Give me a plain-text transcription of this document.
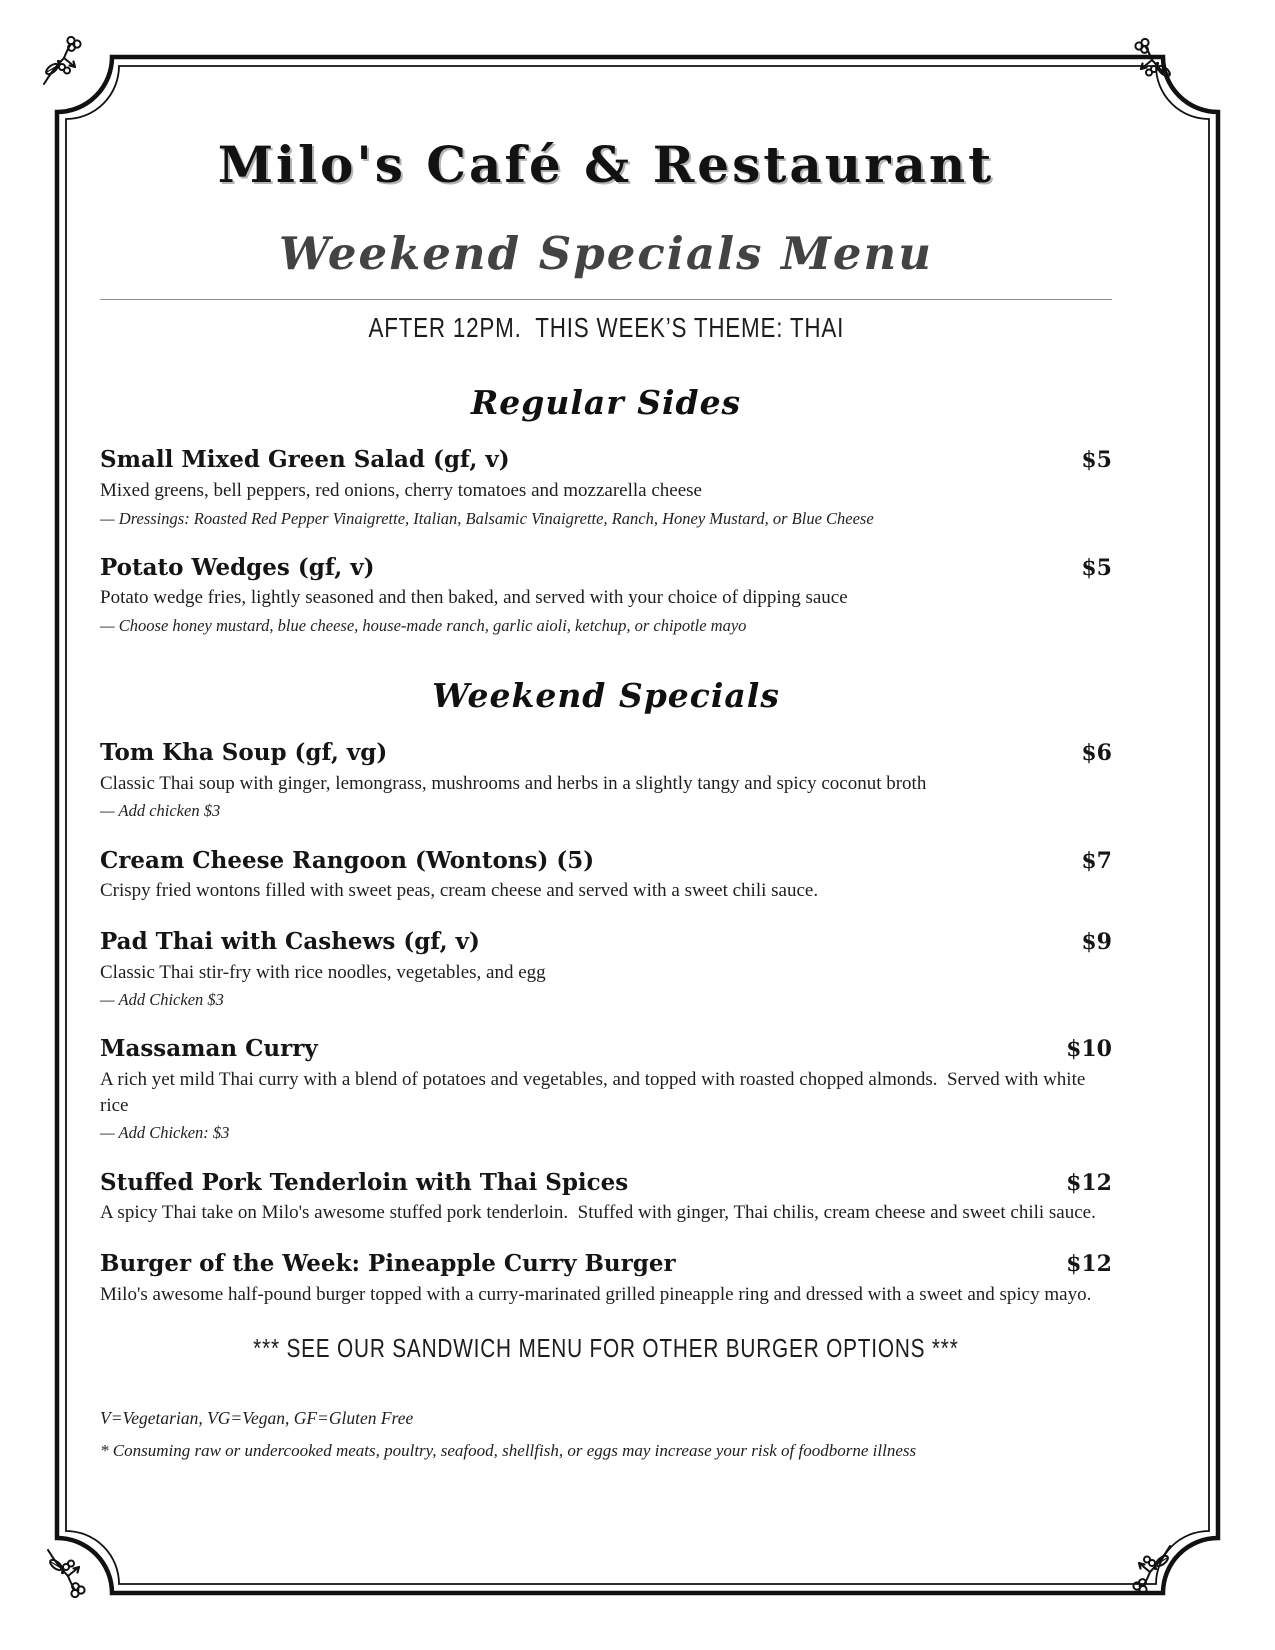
Milo's Café & Restaurant
Weekend Specials Menu
AFTER 12PM.  THIS WEEK’S THEME: THAI
Regular Sides
Small Mixed Green Salad (gf, v)	$5
Mixed greens, bell peppers, red onions, cherry tomatoes and mozzarella cheese
— Dressings: Roasted Red Pepper Vinaigrette, Italian, Balsamic Vinaigrette, Ranch, Honey Mustard, or Blue Cheese
Potato Wedges (gf, v)	$5
Potato wedge fries, lightly seasoned and then baked, and served with your choice of dipping sauce
— Choose honey mustard, blue cheese, house-made ranch, garlic aioli, ketchup, or chipotle mayo
Weekend Specials
Tom Kha Soup (gf, vg)	$6
Classic Thai soup with ginger, lemongrass, mushrooms and herbs in a slightly tangy and spicy coconut broth
— Add chicken $3
Cream Cheese Rangoon (Wontons) (5)	$7
Crispy fried wontons filled with sweet peas, cream cheese and served with a sweet chili sauce.
Pad Thai with Cashews (gf, v)	$9
Classic Thai stir-fry with rice noodles, vegetables, and egg
— Add Chicken $3
Massaman Curry	$10
A rich yet mild Thai curry with a blend of potatoes and vegetables, and topped with roasted chopped almonds.  Served with white rice
— Add Chicken: $3
Stuffed Pork Tenderloin with Thai Spices	$12
A spicy Thai take on Milo's awesome stuffed pork tenderloin.  Stuffed with ginger, Thai chilis, cream cheese and sweet chili sauce.
Burger of the Week: Pineapple Curry Burger	$12
Milo's awesome half-pound burger topped with a curry-marinated grilled pineapple ring and dressed with a sweet and spicy mayo.
*** SEE OUR SANDWICH MENU FOR OTHER BURGER OPTIONS ***
V=Vegetarian, VG=Vegan, GF=Gluten Free
* Consuming raw or undercooked meats, poultry, seafood, shellfish, or eggs may increase your risk of foodborne illness
